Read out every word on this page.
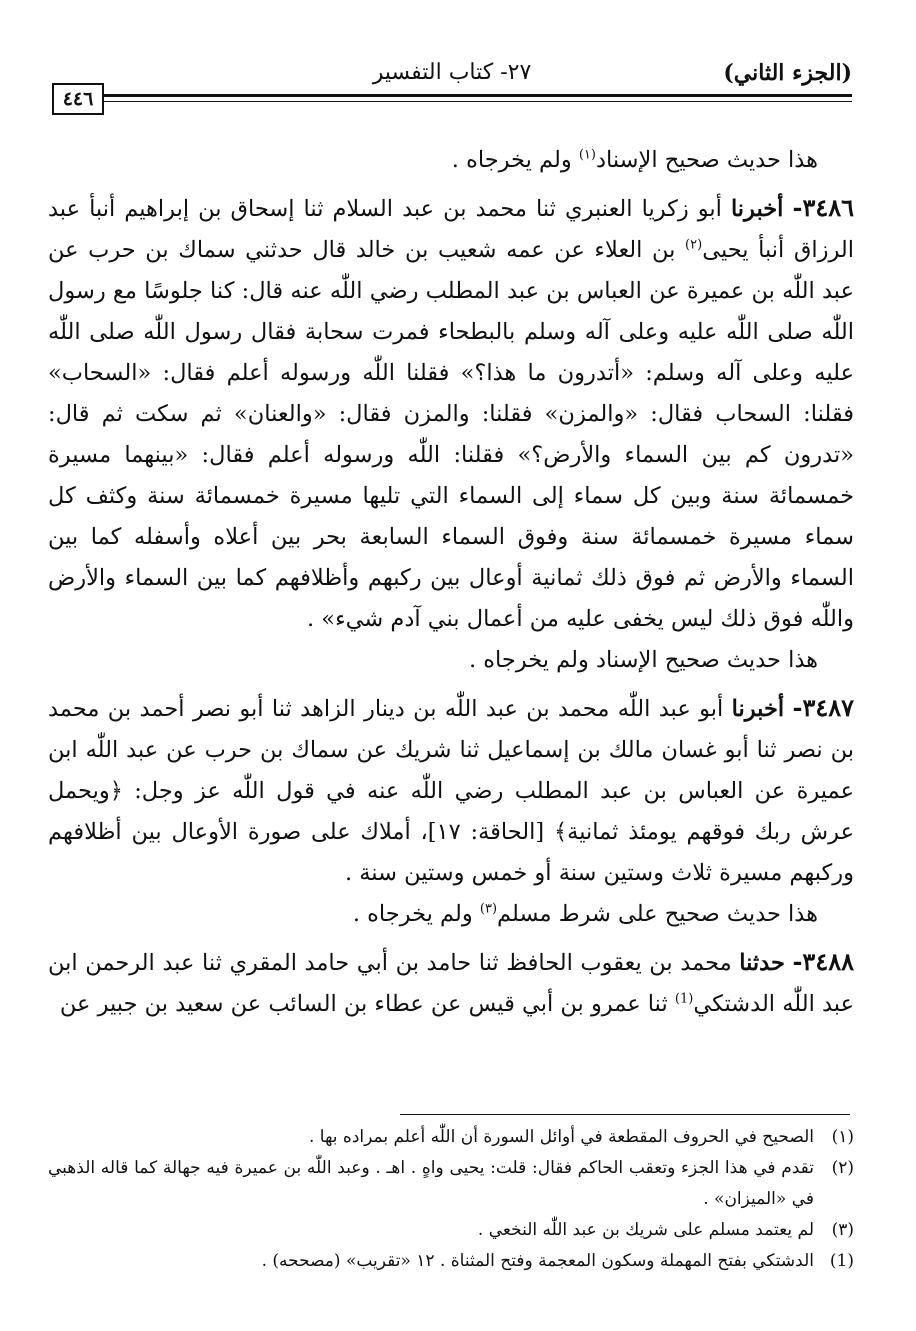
(الجزء الثاني)
٢٧- كتاب التفسير
٤٤٦

هذا حديث صحيح الإسناد$^{(١)}$ ولم يخرجاه .

٣٤٨٦- أخبرنا أبو زكريا العنبري ثنا محمد بن عبد السلام ثنا إسحاق بن إبراهيم أنبأ عبد الرزاق أنبأ يحيى$^{(٢)}$ بن العلاء عن عمه شعيب بن خالد قال حدثني سماك بن حرب عن عبد اللّٰه بن عميرة عن العباس بن عبد المطلب رضي اللّٰه عنه قال: كنا جلوسًا مع رسول اللّٰه صلى اللّٰه عليه وعلى آله وسلم بالبطحاء فمرت سحابة فقال رسول اللّٰه صلى اللّٰه عليه وعلى آله وسلم: «أتدرون ما هذا؟» فقلنا اللّٰه ورسوله أعلم فقال: «السحاب» فقلنا: السحاب فقال: «والمزن» فقلنا: والمزن فقال: «والعنان» ثم سكت ثم قال: «تدرون كم بين السماء والأرض؟» فقلنا: اللّٰه ورسوله أعلم فقال: «بينهما مسيرة خمسمائة سنة وبين كل سماء إلى السماء التي تليها مسيرة خمسمائة سنة وكثف كل سماء مسيرة خمسمائة سنة وفوق السماء السابعة بحر بين أعلاه وأسفله كما بين السماء والأرض ثم فوق ذلك ثمانية أوعال بين ركبهم وأظلافهم كما بين السماء والأرض واللّٰه فوق ذلك ليس يخفى عليه من أعمال بني آدم شيء» .

هذا حديث صحيح الإسناد ولم يخرجاه .

٣٤٨٧- أخبرنا أبو عبد اللّٰه محمد بن عبد اللّٰه بن دينار الزاهد ثنا أبو نصر أحمد بن محمد بن نصر ثنا أبو غسان مالك بن إسماعيل ثنا شريك عن سماك بن حرب عن عبد اللّٰه ابن عميرة عن العباس بن عبد المطلب رضي اللّٰه عنه في قول اللّٰه عز وجل: ﴿ويحمل عرش ربك فوقهم يومئذ ثمانية﴾ [الحاقة: ١٧]، أملاك على صورة الأوعال بين أظلافهم وركبهم مسيرة ثلاث وستين سنة أو خمس وستين سنة .

هذا حديث صحيح على شرط مسلم$^{(٣)}$ ولم يخرجاه .

٣٤٨٨- حدثنا محمد بن يعقوب الحافظ ثنا حامد بن أبي حامد المقري ثنا عبد الرحمن ابن عبد اللّٰه الدشتكي$^{(1)}$ ثنا عمرو بن أبي قيس عن عطاء بن السائب عن سعيد بن جبير عن

(١)
الصحيح في الحروف المقطعة في أوائل السورة أن اللّٰه أعلم بمراده بها .
(٢)
تقدم في هذا الجزء وتعقب الحاكم فقال: قلت: يحيى واهٍ . اهـ . وعبد اللّٰه بن عميرة فيه جهالة كما قاله الذهبي في «الميزان» .
(٣)
لم يعتمد مسلم على شريك بن عبد اللّٰه النخعي .
(1)
الدشتكي بفتح المهملة وسكون المعجمة وفتح المثناة . ١٢ «تقريب» (مصححه) .
